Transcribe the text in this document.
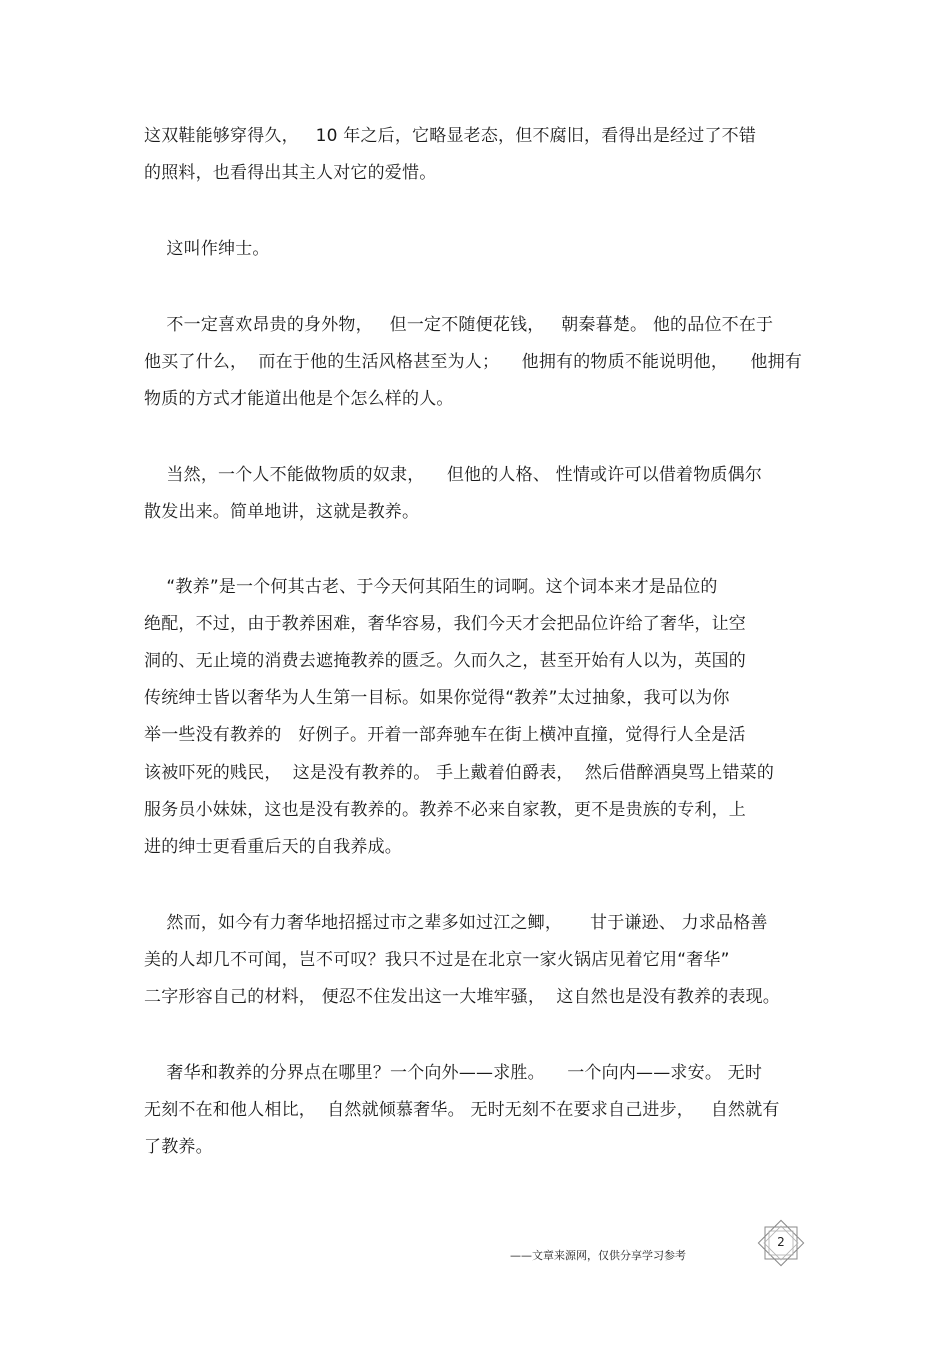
这双鞋能够穿得久，   10 年之后，它略显老态，但不腐旧，看得出是经过了不错
的照料，也看得出其主人对它的爱惜。
这叫作绅士。
不一定喜欢昂贵的身外物，   但一定不随便花钱，   朝秦暮楚。 他的品位不在于
他买了什么，  而在于他的生活风格甚至为人；    他拥有的物质不能说明他，    他拥有
物质的方式才能道出他是个怎么样的人。
当然，一个人不能做物质的奴隶，    但他的人格、 性情或许可以借着物质偶尔
散发出来。简单地讲，这就是教养。
“教养”是一个何其古老、于今天何其陌生的词啊。这个词本来才是品位的
绝配，不过，由于教养困难，奢华容易，我们今天才会把品位许给了奢华，让空
洞的、无止境的消费去遮掩教养的匮乏。久而久之，甚至开始有人以为，英国的
传统绅士皆以奢华为人生第一目标。如果你觉得“教养”太过抽象，我可以为你
举一些没有教养的   好例子。开着一部奔驰车在街上横冲直撞，觉得行人全是活
该被吓死的贱民，  这是没有教养的。 手上戴着伯爵表，  然后借醉酒臭骂上错菜的
服务员小妹妹，这也是没有教养的。教养不必来自家教，更不是贵族的专利，上
进的绅士更看重后天的自我养成。
然而，如今有力奢华地招摇过市之辈多如过江之鲫，     甘于谦逊、 力求品格善
美的人却几不可闻，岂不可叹？我只不过是在北京一家火锅店见着它用“奢华”
二字形容自己的材料， 便忍不住发出这一大堆牢骚，  这自然也是没有教养的表现。
奢华和教养的分界点在哪里？一个向外——求胜。    一个向内——求安。 无时
无刻不在和他人相比，  自然就倾慕奢华。 无时无刻不在要求自己进步，   自然就有
了教养。
——文章来源网，仅供分享学习参考
2
